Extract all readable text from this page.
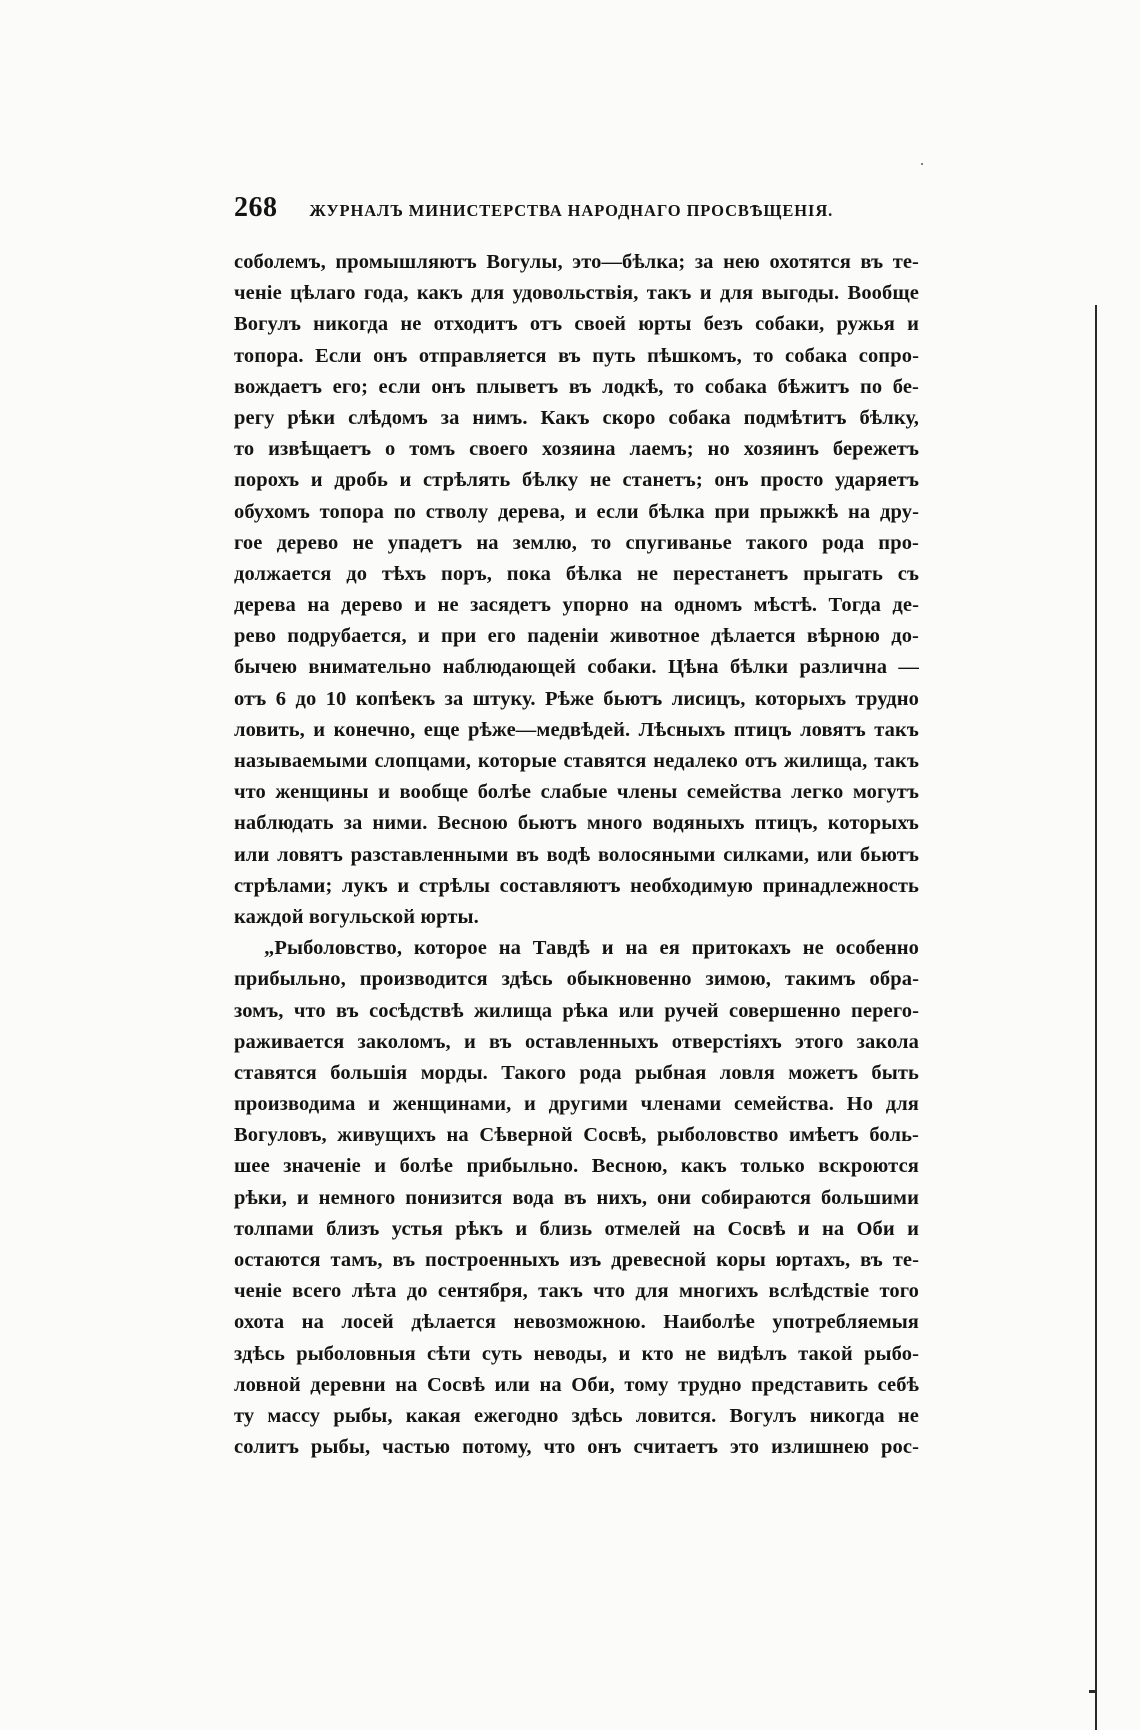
268 ЖУРНАЛЪ МИНИСТЕРСТВА НАРОДНАГО ПРОСВѢЩЕНІЯ.
соболемъ, промышляютъ Вогулы, это—бѣлка; за нею охотятся въ те-
ченіе цѣлаго года, какъ для удовольствія, такъ и для выгоды. Вообще
Вогулъ никогда не отходитъ отъ своей юрты безъ собаки, ружья и
топора. Если онъ отправляется въ путь пѣшкомъ, то собака сопро-
вождаетъ его; если онъ плыветъ въ лодкѣ, то собака бѣжитъ по бе-
регу рѣки слѣдомъ за нимъ. Какъ скоро собака подмѣтитъ бѣлку,
то извѣщаетъ о томъ своего хозяина лаемъ; но хозяинъ бережетъ
порохъ и дробь и стрѣлять бѣлку не станетъ; онъ просто ударяетъ
обухомъ топора по стволу дерева, и если бѣлка при прыжкѣ на дру-
гое дерево не упадетъ на землю, то спугиванье такого рода про-
должается до тѣхъ поръ, пока бѣлка не перестанетъ прыгать съ
дерева на дерево и не засядетъ упорно на одномъ мѣстѣ. Тогда де-
рево подрубается, и при его паденіи животное дѣлается вѣрною до-
бычею внимательно наблюдающей собаки. Цѣна бѣлки различна —
отъ 6 до 10 копѣекъ за штуку. Рѣже бьютъ лисицъ, которыхъ трудно
ловить, и конечно, еще рѣже—медвѣдей. Лѣсныхъ птицъ ловятъ такъ
называемыми слопцами, которые ставятся недалеко отъ жилища, такъ
что женщины и вообще болѣе слабые члены семейства легко могутъ
наблюдать за ними. Весною бьютъ много водяныхъ птицъ, которыхъ
или ловятъ разставленными въ водѣ волосяными силками, или бьютъ
стрѣлами; лукъ и стрѣлы составляютъ необходимую принадлежность
каждой вогульской юрты.
„Рыболовство, которое на Тавдѣ и на ея притокахъ не особенно
прибыльно, производится здѣсь обыкновенно зимою, такимъ обра-
зомъ, что въ сосѣдствѣ жилища рѣка или ручей совершенно перего-
раживается заколомъ, и въ оставленныхъ отверстіяхъ этого закола
ставятся большія морды. Такого рода рыбная ловля можетъ быть
производима и женщинами, и другими членами семейства. Но для
Вогуловъ, живущихъ на Сѣверной Сосвѣ, рыболовство имѣетъ боль-
шее значеніе и болѣе прибыльно. Весною, какъ только вскроются
рѣки, и немного понизится вода въ нихъ, они собираются большими
толпами близъ устья рѣкъ и близь отмелей на Сосвѣ и на Оби и
остаются тамъ, въ построенныхъ изъ древесной коры юртахъ, въ те-
ченіе всего лѣта до сентября, такъ что для многихъ вслѣдствіе того
охота на лосей дѣлается невозможною. Наиболѣе употребляемыя
здѣсь рыболовныя сѣти суть неводы, и кто не видѣлъ такой рыбо-
ловной деревни на Сосвѣ или на Оби, тому трудно представить себѣ
ту массу рыбы, какая ежегодно здѣсь ловится. Вогулъ никогда не
солитъ рыбы, частью потому, что онъ считаетъ это излишнею рос-
